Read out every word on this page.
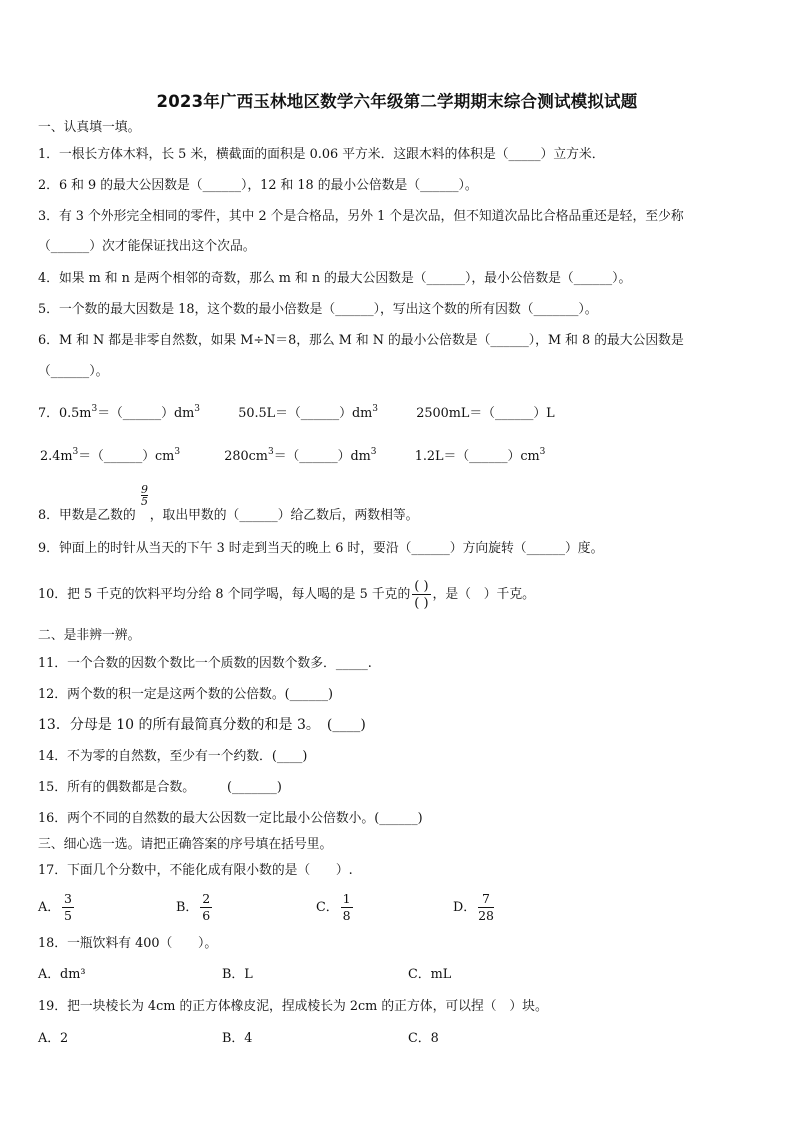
2023年广西玉林地区数学六年级第二学期期末综合测试模拟试题
一、认真填一填。
1．一根长方体木料，长 5 米，横截面的面积是 0.06 平方米．这跟木料的体积是（_____）立方米．
2．6 和 9 的最大公因数是（______），12 和 18 的最小公倍数是（______）。
3．有 3 个外形完全相同的零件，其中 2 个是合格品，另外 1 个是次品，但不知道次品比合格品重还是轻，至少称
（______）次才能保证找出这个次品。
4．如果 m 和 n 是两个相邻的奇数，那么 m 和 n 的最大公因数是（______），最小公倍数是（______）。
5．一个数的最大因数是 18，这个数的最小倍数是（______），写出这个数的所有因数（_______）。
6．M 和 N 都是非零自然数，如果 M÷N＝8，那么 M 和 N 的最小公倍数是（______），M 和 8 的最大公因数是
（______）。
7．$0.5m^3=(\_\_\_\_\_\_)dm^3$	$50.5L=(\_\_\_\_\_\_)dm^3$	2500mL＝（______）L
$2.4m^3=(\_\_\_\_\_\_)cm^3$	$280cm^3=(\_\_\_\_\_\_)dm^3$	$1.2L=(\_\_\_\_\_\_)cm^3$
$\frac{9}{5}$
8．甲数是乙数的 ，取出甲数的（______）给乙数后，两数相等。
9．钟面上的时针从当天的下午 3 时走到当天的晚上 6 时，要沿（______）方向旋转（______）度。
10．把 5 千克的饮料平均分给 8 个同学喝，每人喝的是 5 千克的 $\frac{( )}{( )}$ ，是（　）千克。
二、是非辨一辨。
11．一个合数的因数个数比一个质数的因数个数多．_____.
12．两个数的积一定是这两个数的公倍数。(______)
13．分母是 10 的所有最简真分数的和是 3。　(____)
14．不为零的自然数，至少有一个约数．(____)
15．所有的偶数都是合数。　　　(_______)
16．两个不同的自然数的最大公因数一定比最小公倍数小。(______)
三、细心选一选。请把正确答案的序号填在括号里。
17．下面几个分数中，不能化成有限小数的是（　　）.
A． $\frac{3}{5}$	B． $\frac{2}{6}$	C． $\frac{1}{8}$	D． $\frac{7}{28}$
18．一瓶饮料有 400（　　）。
A．dm³	B．L	C．mL
19．把一块棱长为 4cm 的正方体橡皮泥，捏成棱长为 2cm 的正方体，可以捏（　）块。
A．2	B．4	C．8
